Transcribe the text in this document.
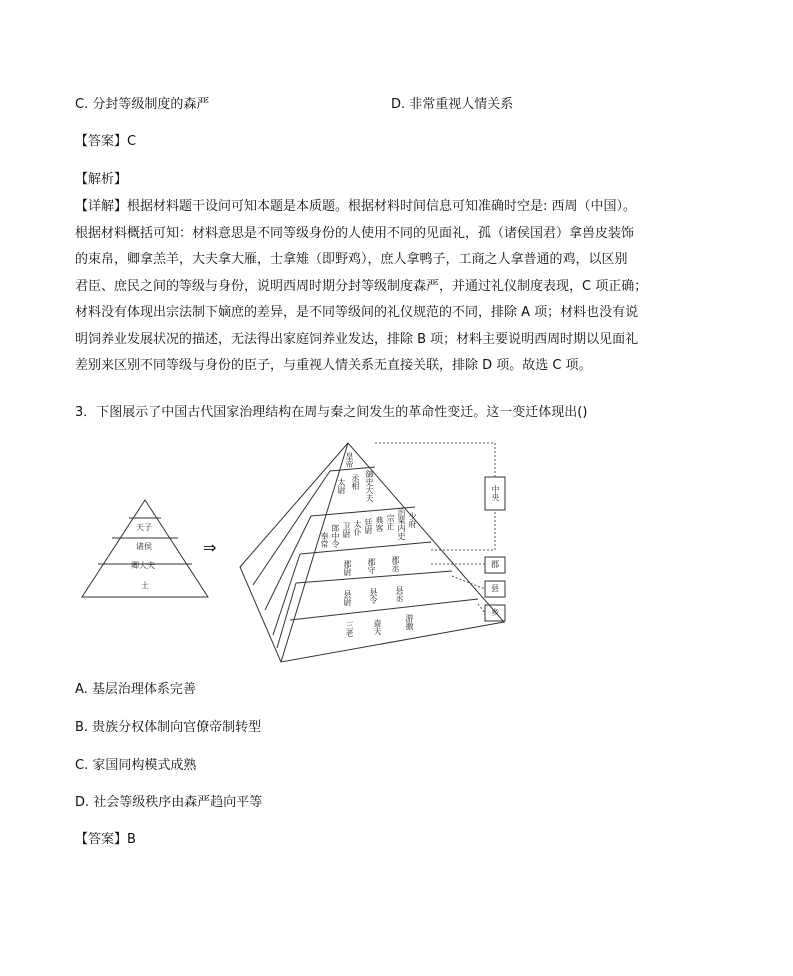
C. 分封等级制度的森严	D. 非常重视人情关系
【答案】C
【解析】
【详解】根据材料题干设问可知本题是本质题。根据材料时间信息可知准确时空是: 西周（中国）。
根据材料概括可知：材料意思是不同等级身份的人使用不同的见面礼，孤（诸侯国君）拿兽皮装饰
的束帛，卿拿羔羊，大夫拿大雁，士拿雉（即野鸡），庶人拿鸭子，工商之人拿普通的鸡，以区别
君臣、庶民之间的等级与身份，说明西周时期分封等级制度森严，并通过礼仪制度表现，C 项正确；
材料没有体现出宗法制下嫡庶的差异，是不同等级间的礼仪规范的不同，排除 A 项；材料也没有说
明饲养业发展状况的描述，无法得出家庭饲养业发达，排除 B 项；材料主要说明西周时期以见面礼
差别来区别不同等级与身份的臣子，与重视人情关系无直接关联，排除 D 项。故选 C 项。
3．下图展示了中国古代国家治理结构在周与秦之间发生的革命性变迁。这一变迁体现出()
天子
诸侯
卿大夫
士
⇒
皇帝
太尉 丞相 御史大夫
奉常 郎中令 卫尉 太仆 廷尉 典客 宗正 治粟内史 少府
郡尉 郡守 郡丞
县尉 县令 县丞
三老 啬夫	游徼
中央
郡
县
乡
A. 基层治理体系完善
B. 贵族分权体制向官僚帝制转型
C. 家国同构模式成熟
D. 社会等级秩序由森严趋向平等
【答案】B
